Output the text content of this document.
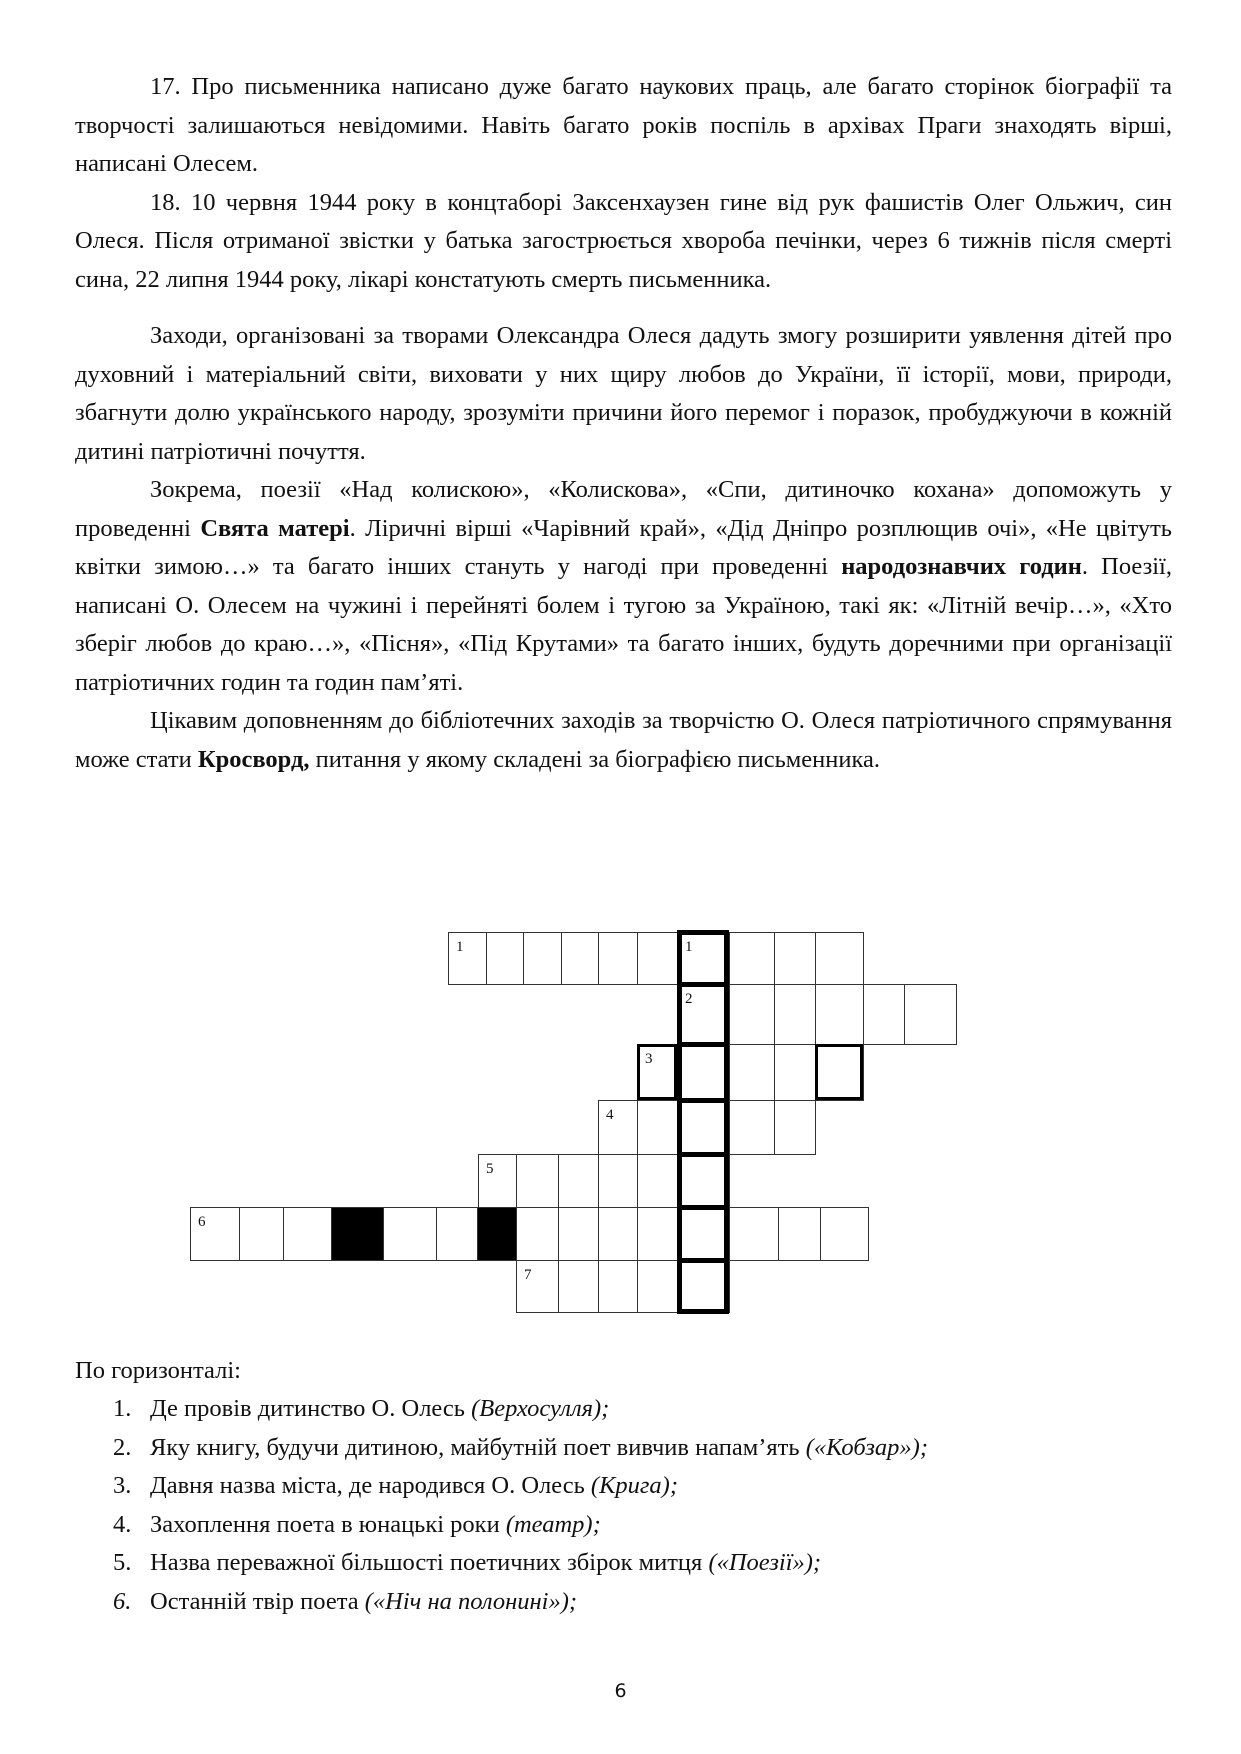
17. Про письменника написано дуже багато наукових праць, але багато сторінок біографії та творчості залишаються невідомими. Навіть багато років поспіль в архівах Праги знаходять вірші, написані Олесем.

18. 10 червня 1944 року в концтаборі Заксенхаузен гине від рук фашистів Олег Ольжич, син Олеся. Після отриманої звістки у батька загострюється хвороба печінки, через 6 тижнів після смерті сина, 22 липня 1944 року, лікарі констатують смерть письменника.

Заходи, організовані за творами Олександра Олеся дадуть змогу розширити уявлення дітей про духовний і матеріальний світи, виховати у них щиру любов до України, її історії, мови, природи, збагнути долю українського народу, зрозуміти причини його перемог і поразок, пробуджуючи в кожній дитині патріотичні почуття.

Зокрема, поезії «Над колискою», «Колискова», «Спи, дитиночко кохана» допоможуть у проведенні Свята матері. Ліричні вірші «Чарівний край», «Дід Дніпро розплющив очі», «Не цвітуть квітки зимою…» та багато інших стануть у нагоді при проведенні народознавчих годин. Поезії, написані О. Олесем на чужині і перейняті болем і тугою за Україною, такі як: «Літній вечір…», «Хто зберіг любов до краю…», «Пісня», «Під Крутами» та багато інших, будуть доречними при організації патріотичних годин та годин пам’яті.

Цікавим доповненням до бібліотечних заходів за творчістю О. Олеся патріотичного спрямування може стати Кросворд, питання у якому складені за біографією письменника.

1	1
2
3
4
5
6
7
По горизонталі:
1. Де провів дитинство О. Олесь (Верхосулля);
2. Яку книгу, будучи дитиною, майбутній поет вивчив напам’ять («Кобзар»);
3. Давня назва міста, де народився О. Олесь (Крига);
4. Захоплення поета в юнацькі роки (театр);
5. Назва переважної більшості поетичних збірок митця («Поезії»);
6. Останній твір поета («Ніч на полонині»);
6
